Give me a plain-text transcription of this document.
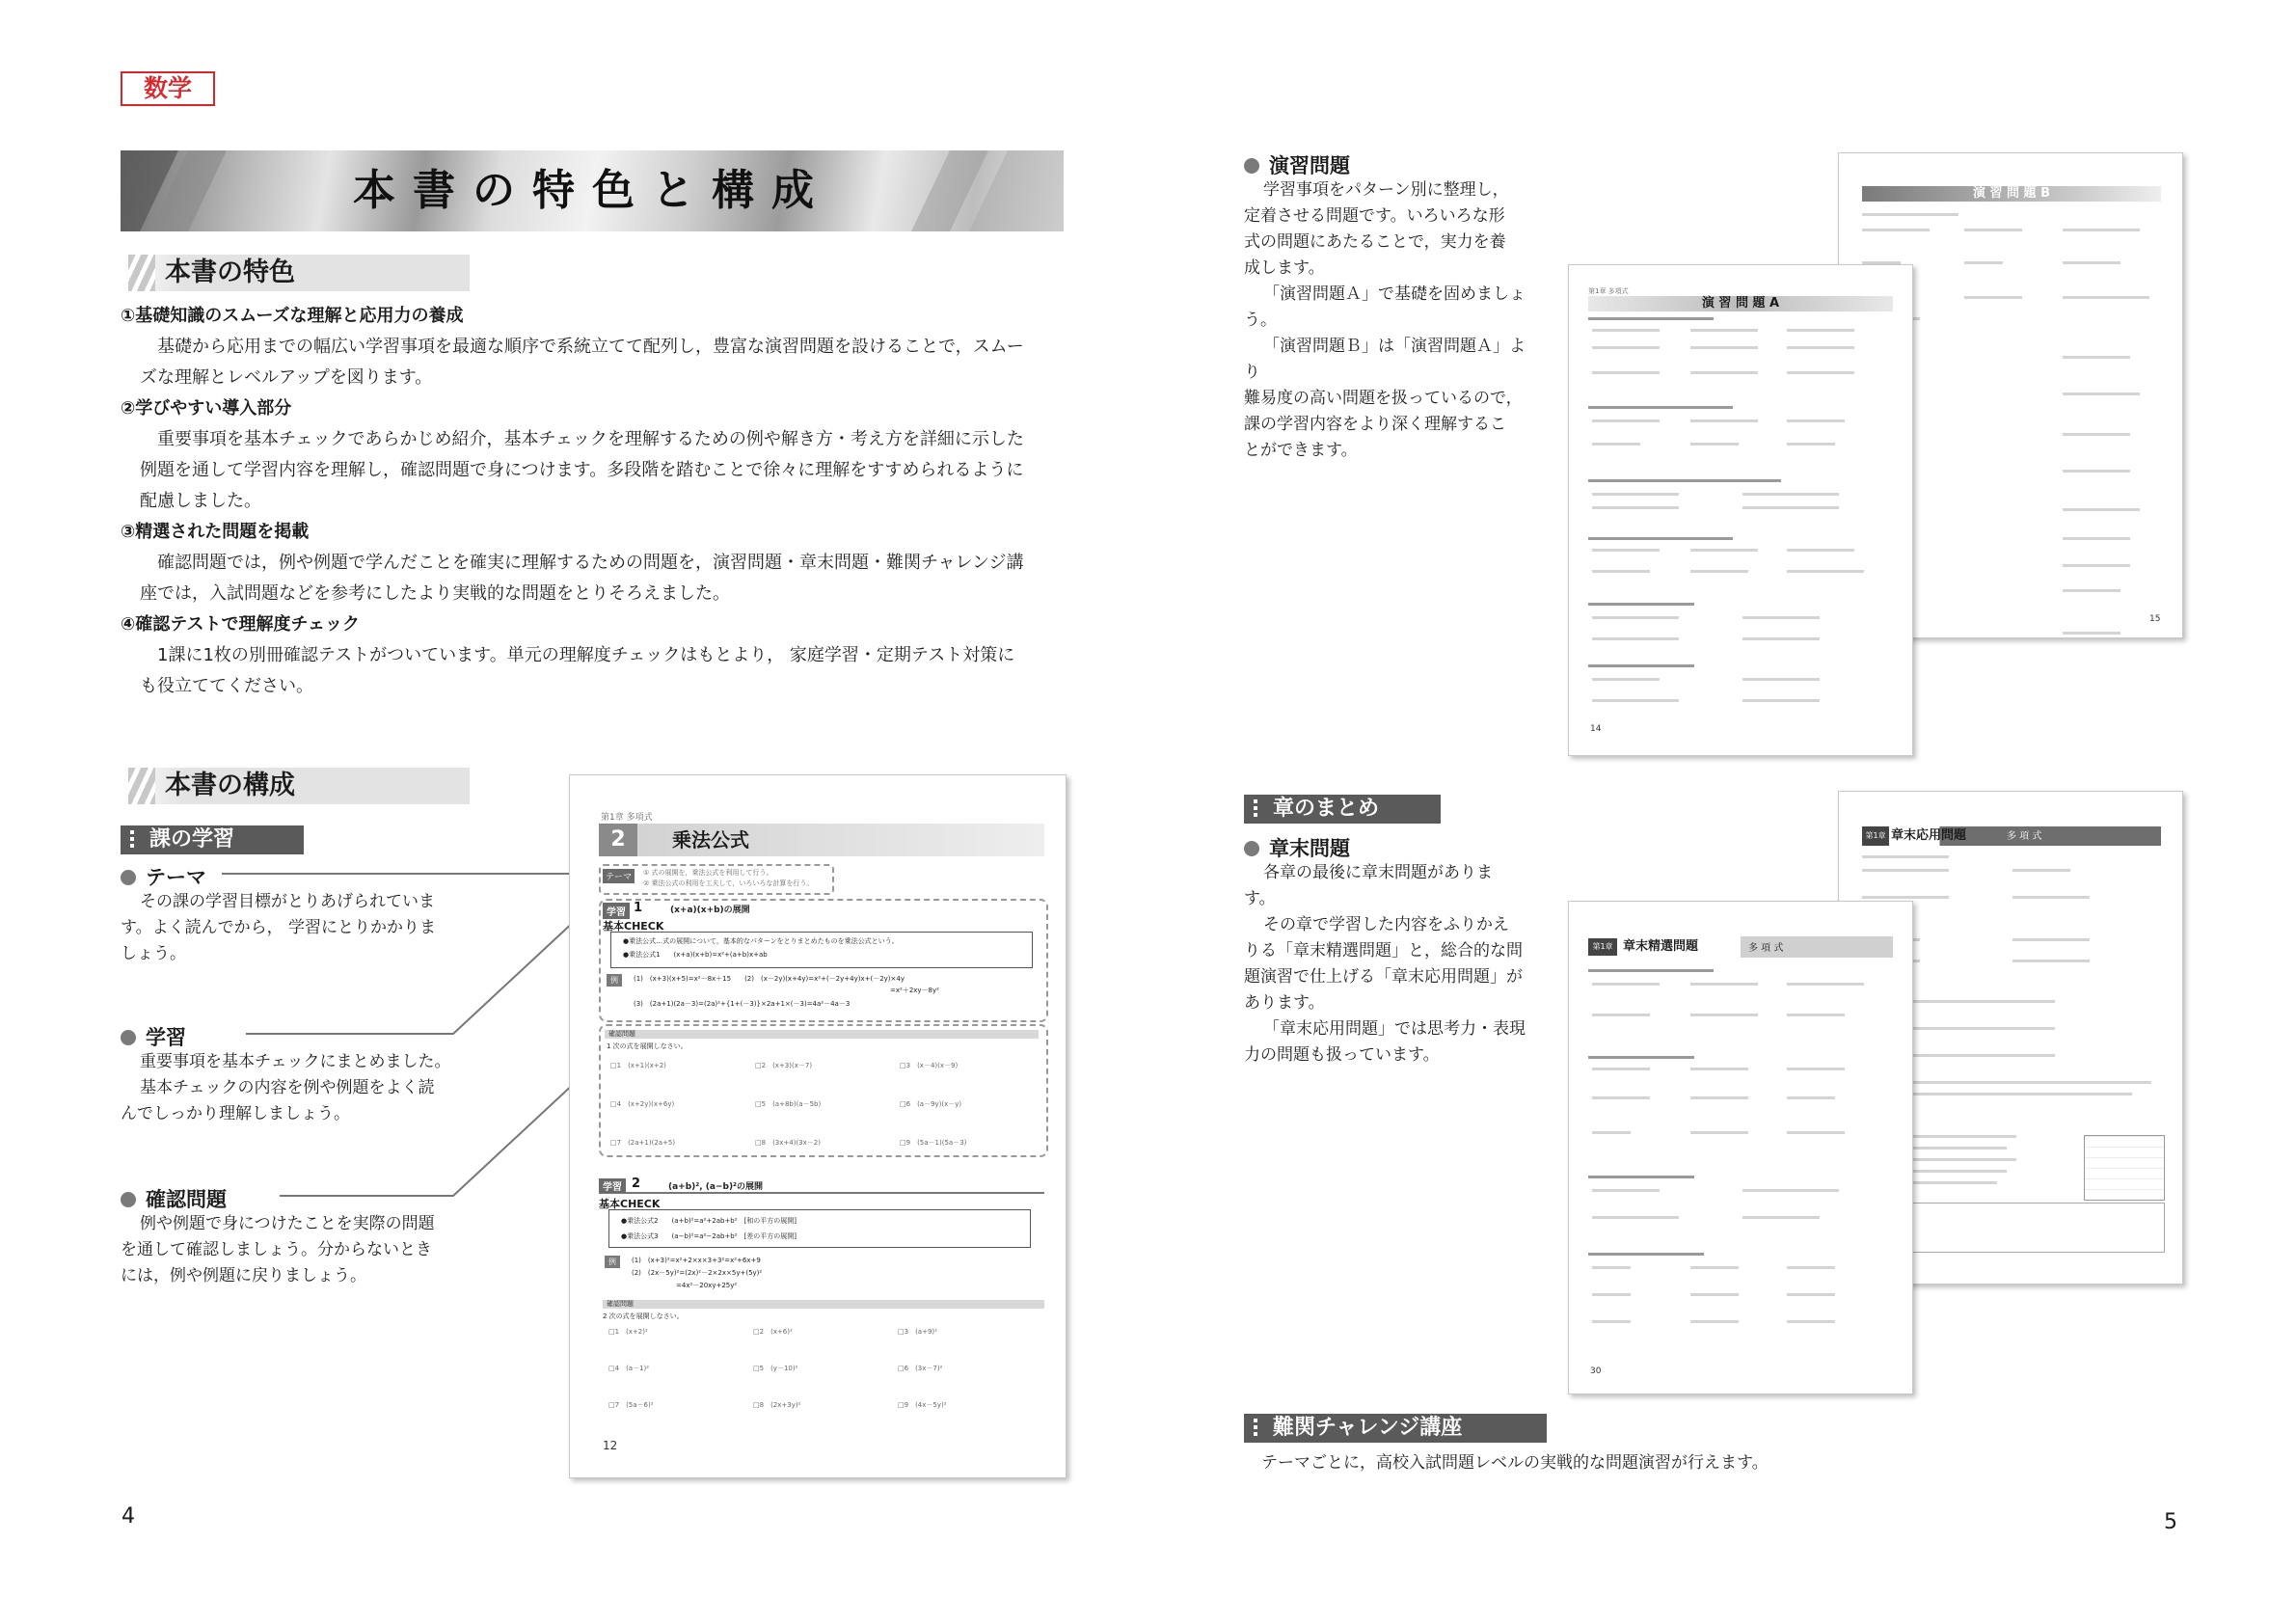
数学
本書の特色と構成
本書の特色
①基礎知識のスムーズな理解と応用力の養成
基礎から応用までの幅広い学習事項を最適な順序で系統立てて配列し，豊富な演習問題を設けることで，スムー
ズな理解とレベルアップを図ります。
②学びやすい導入部分
重要事項を基本チェックであらかじめ紹介，基本チェックを理解するための例や解き方・考え方を詳細に示した
例題を通して学習内容を理解し，確認問題で身につけます。多段階を踏むことで徐々に理解をすすめられるように
配慮しました。
③精選された問題を掲載
確認問題では，例や例題で学んだことを確実に理解するための問題を，演習問題・章末問題・難関チャレンジ講
座では，入試問題などを参考にしたより実戦的な問題をとりそろえました。
④確認テストで理解度チェック
1課に1枚の別冊確認テストがついています。単元の理解度チェックはもとより， 家庭学習・定期テスト対策に
も役立ててください。
本書の構成
課の学習
テーマ
その課の学習目標がとりあげられていま
す。よく読んでから， 学習にとりかかりま
しょう。
学習
重要事項を基本チェックにまとめました。
基本チェックの内容を例や例題をよく読
んでしっかり理解しましょう。
確認問題
例や例題で身につけたことを実際の問題
を通して確認しましょう。分からないとき
には，例や例題に戻りましょう。
第1章 多項式
2	乗法公式
テーマ	① 式の展開を，乗法公式を利用して行う。
② 乗法公式の利用を工夫して，いろいろな計算を行う。
学習 1	(x+a)(x+b)の展開
基本CHECK
●乗法公式…式の展開について，基本的なパターンをとりまとめたものを乗法公式という。
●乗法公式1　　(x+a)(x+b)=x²+(a+b)x+ab
例	(1)　(x+3)(x+5)=x²－8x＋15　　(2)　(x－2y)(x+4y)=x²+(－2y+4y)x+(－2y)×4y
=x²＋2xy－8y²
(3)　(2a+1)(2a－3)=(2a)²+{1+(－3)}×2a+1×(－3)=4a²－4a－3
確認問題
1 次の式を展開しなさい。
□1　(x+1)(x+2)	□2　(x+3)(x－7)	□3　(x－4)(x－9)
□4　(x+2y)(x+6y)	□5　(a+8b)(a－5b)	□6　(a－9y)(x－y)
□7　(2a+1)(2a+5)	□8　(3x+4)(3x－2)	□9　(5a－1)(5a－3)
学習 2	(a+b)², (a−b)²の展開
基本CHECK
●乗法公式2　　(a+b)²=a²+2ab+b²　[和の平方の展開]
●乗法公式3　　(a−b)²=a²−2ab+b²　[差の平方の展開]
例	(1)　(x+3)²=x²+2×x×3+3²=x²+6x+9
(2)　(2x－5y)²=(2x)²－2×2x×5y+(5y)²
=4x²－20xy+25y²
確認問題
2 次の式を展開しなさい。
□1　(x+2)²	□2　(x+6)²	□3　(a+9)²
□4　(a－1)²	□5　(y－10)²	□6　(3x－7)²
□7　(5a－6)²	□8　(2x+3y)²	□9　(4x－5y)²
12
4
演習問題
学習事項をパターン別に整理し，
定着させる問題です。いろいろな形
式の問題にあたることで，実力を養
成します。
「演習問題Ａ」で基礎を固めましょ
う。
「演習問題Ｂ」は「演習問題Ａ」より
難易度の高い問題を扱っているので，
課の学習内容をより深く理解するこ
とができます。
演 習 問 題 B
15
第1章 多項式
演 習 問 題 A
14
章のまとめ
章末問題
各章の最後に章末問題がありま
す。
その章で学習した内容をふりかえ
りる「章末精選問題」と，総合的な問
題演習で仕上げる「章末応用問題」が
あります。
「章末応用問題」では思考力・表現
力の問題も扱っています。
第1章 章末応用問題	多 項 式
第1章 章末精選問題	多 項 式
30
難関チャレンジ講座
テーマごとに，高校入試問題レベルの実戦的な問題演習が行えます。
5
